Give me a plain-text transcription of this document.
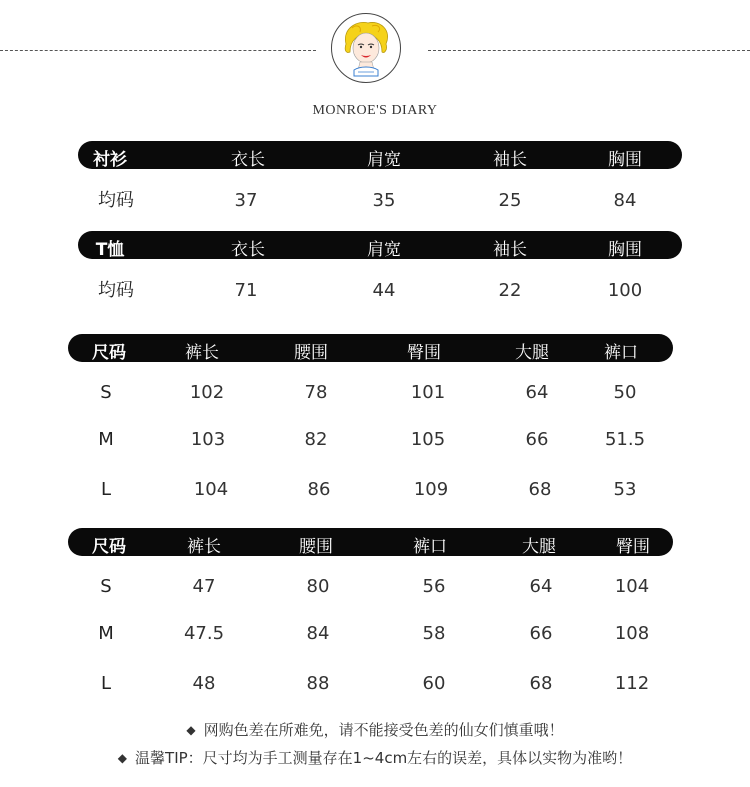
MONROE'S DIARY
衬衫	衣长	肩宽	袖长	胸围
均码	37	35	25	84
T恤	衣长	肩宽	袖长	胸围
均码	71	44	22	100
尺码	裤长	腰围	臀围	大腿	裤口
S	102	78	101	64	50
M	103	82	105	66	51.5
L	104	86	109	68	53
尺码	裤长	腰围	裤口	大腿	臀围
S	47	80	56	64	104
M	47.5	84	58	66	108
L	48	88	60	68	112
◆ 网购色差在所难免，请不能接受色差的仙女们慎重哦！
◆ 温馨TIP：尺寸均为手工测量存在1~4cm左右的误差，具体以实物为准哟！
